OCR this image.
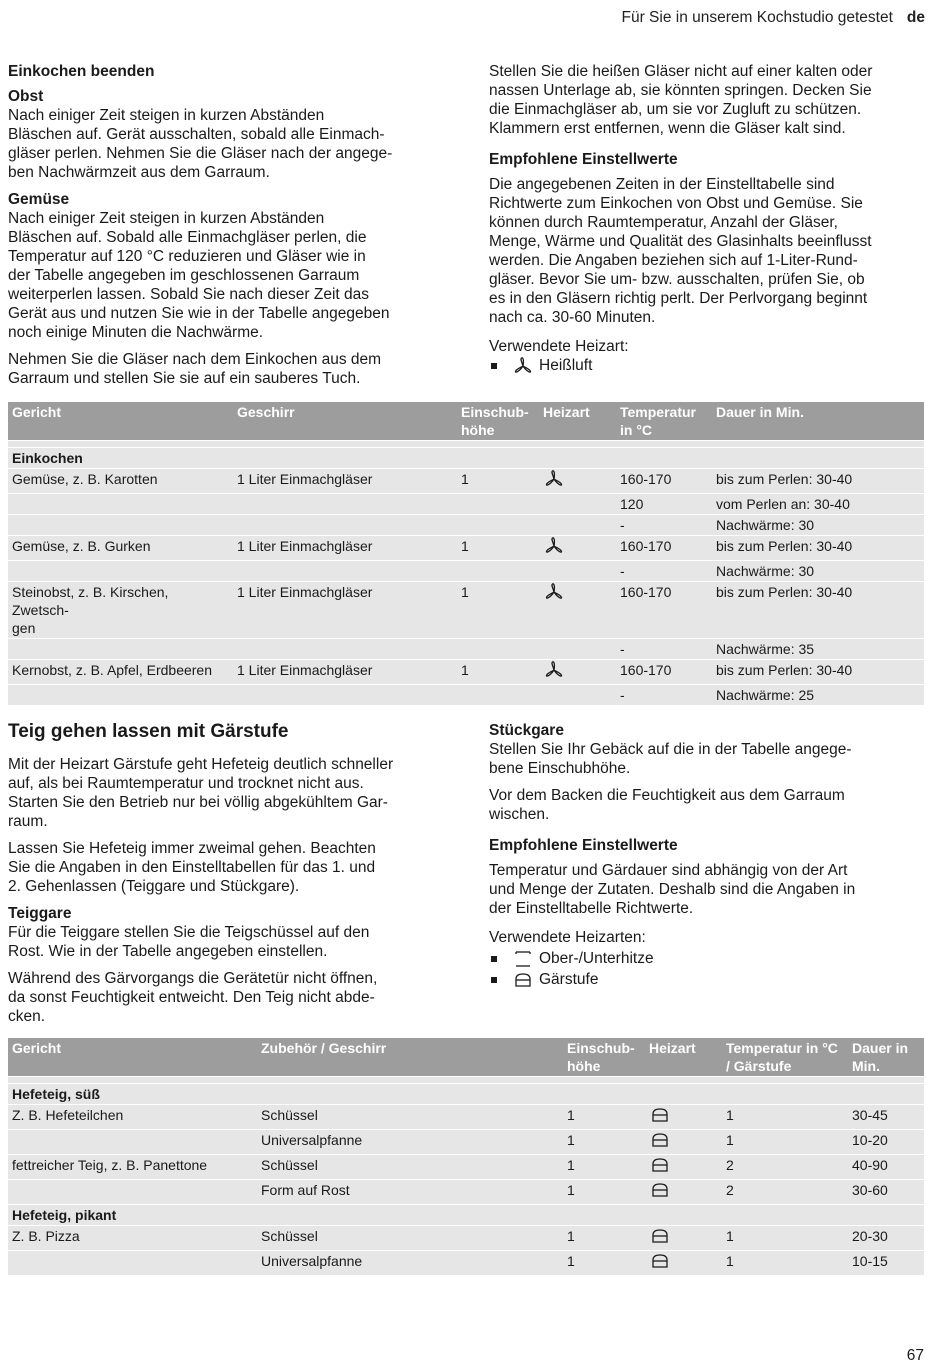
Für Sie in unserem Kochstudio getestet de

Einkochen beenden

Obst

Nach einiger Zeit steigen in kurzen Abständen
Bläschen auf. Gerät ausschalten, sobald alle Einmach-
gläser perlen. Nehmen Sie die Gläser nach der angege-
ben Nachwärmzeit aus dem Garraum.

Gemüse

Nach einiger Zeit steigen in kurzen Abständen
Bläschen auf. Sobald alle Einmachgläser perlen, die
Temperatur auf 120 °C reduzieren und Gläser wie in
der Tabelle angegeben im geschlossenen Garraum
weiterperlen lassen. Sobald Sie nach dieser Zeit das
Gerät aus und nutzen Sie wie in der Tabelle angegeben
noch einige Minuten die Nachwärme.

Nehmen Sie die Gläser nach dem Einkochen aus dem
Garraum und stellen Sie sie auf ein sauberes Tuch.

Stellen Sie die heißen Gläser nicht auf einer kalten oder
nassen Unterlage ab, sie könnten springen. Decken Sie
die Einmachgläser ab, um sie vor Zugluft zu schützen.
Klammern erst entfernen, wenn die Gläser kalt sind.

Empfohlene Einstellwerte

Die angegebenen Zeiten in der Einstelltabelle sind
Richtwerte zum Einkochen von Obst und Gemüse. Sie
können durch Raumtemperatur, Anzahl der Gläser,
Menge, Wärme und Qualität des Glasinhalts beeinflusst
werden. Die Angaben beziehen sich auf 1-Liter-Rund-
gläser. Bevor Sie um- bzw. ausschalten, prüfen Sie, ob
es in den Gläsern richtig perlt. Der Perlvorgang beginnt
nach ca. 30-60 Minuten.

Verwendete Heizart:

Heißluft
Gericht	Geschirr	Einschub-
höhe	Heizart	Temperatur
in °C	Dauer in Min.

Einkochen					
Gemüse, z. B. Karotten	1 Liter Einmachgläser	1		160-170	bis zum Perlen: 30-40
				120	vom Perlen an: 30-40
				-	Nachwärme: 30
Gemüse, z. B. Gurken	1 Liter Einmachgläser	1		160-170	bis zum Perlen: 30-40
				-	Nachwärme: 30
Steinobst, z. B. Kirschen, Zwetsch-
gen	1 Liter Einmachgläser	1		160-170	bis zum Perlen: 30-40
				-	Nachwärme: 35
Kernobst, z. B. Apfel, Erdbeeren	1 Liter Einmachgläser	1		160-170	bis zum Perlen: 30-40
				-	Nachwärme: 25

Teig gehen lassen mit Gärstufe

Mit der Heizart Gärstufe geht Hefeteig deutlich schneller
auf, als bei Raumtemperatur und trocknet nicht aus.
Starten Sie den Betrieb nur bei völlig abgekühltem Gar-
raum.

Lassen Sie Hefeteig immer zweimal gehen. Beachten
Sie die Angaben in den Einstelltabellen für das 1. und
2. Gehenlassen (Teiggare und Stückgare).

Teiggare

Für die Teiggare stellen Sie die Teigschüssel auf den
Rost. Wie in der Tabelle angegeben einstellen.

Während des Gärvorgangs die Gerätetür nicht öffnen,
da sonst Feuchtigkeit entweicht. Den Teig nicht abde-
cken.

Stückgare

Stellen Sie Ihr Gebäck auf die in der Tabelle angege-
bene Einschubhöhe.

Vor dem Backen die Feuchtigkeit aus dem Garraum
wischen.

Empfohlene Einstellwerte

Temperatur und Gärdauer sind abhängig von der Art
und Menge der Zutaten. Deshalb sind die Angaben in
der Einstelltabelle Richtwerte.

Verwendete Heizarten:

Ober-/Unterhitze
Gärstufe
Gericht	Zubehör / Geschirr	Einschub-
höhe	Heizart	Temperatur in °C
/ Gärstufe	Dauer in
Min.

Hefeteig, süß					
Z. B. Hefeteilchen	Schüssel	1		1	30-45
	Universalpfanne	1		1	10-20
fettreicher Teig, z. B. Panettone	Schüssel	1		2	40-90
	Form auf Rost	1		2	30-60
Hefeteig, pikant					
Z. B. Pizza	Schüssel	1		1	20-30
	Universalpfanne	1		1	10-15
67
